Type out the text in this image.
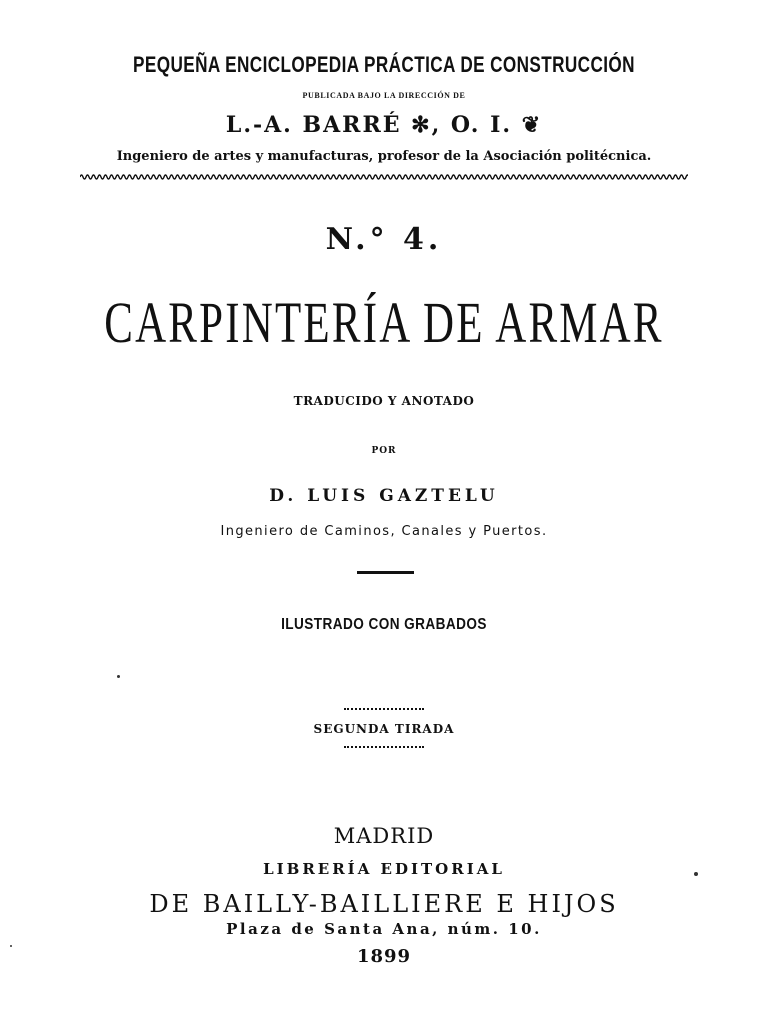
PEQUEÑA ENCICLOPEDIA PRÁCTICA DE CONSTRUCCIÓN
PUBLICADA BAJO LA DIRECCIÓN DE
L.-A. BARRÉ ✻, O. I. ❦
Ingeniero de artes y manufacturas, profesor de la Asociación politécnica.
N.° 4.
CARPINTERÍA DE ARMAR
TRADUCIDO Y ANOTADO
POR
D. LUIS GAZTELU
Ingeniero de Caminos, Canales y Puertos.
ILUSTRADO CON GRABADOS
SEGUNDA TIRADA
MADRID
LIBRERÍA EDITORIAL
DE BAILLY-BAILLIERE E HIJOS
Plaza de Santa Ana, núm. 10.
1899
